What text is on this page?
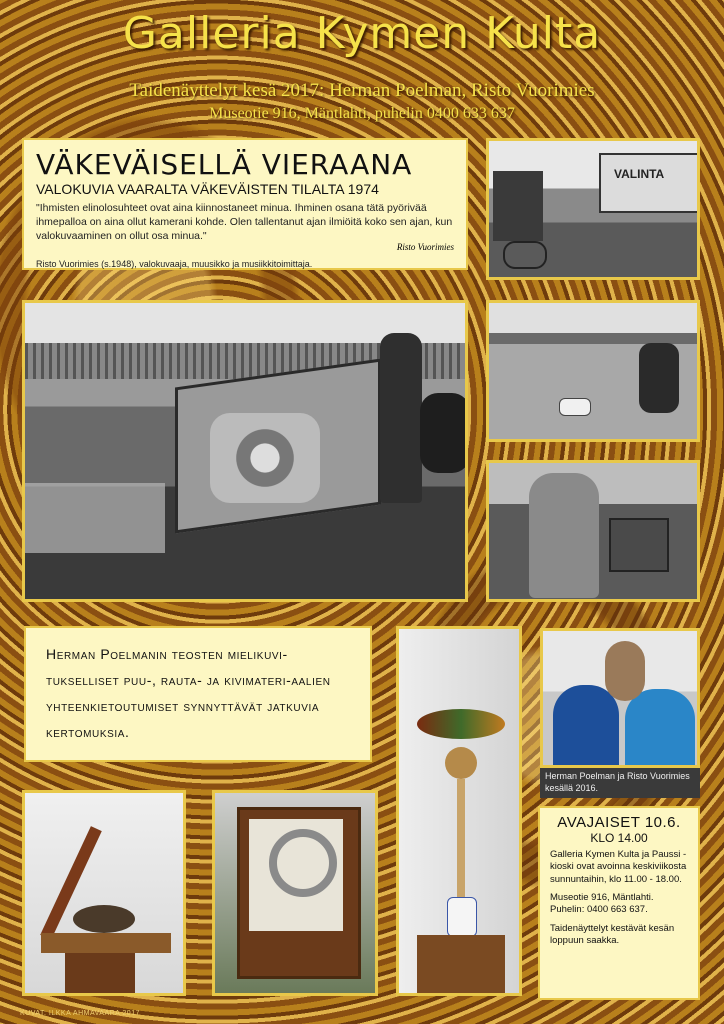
Galleria Kymen Kulta
Taidenäyttelyt kesä 2017: Herman Poelman, Risto Vuorimies
Museotie 916, Mäntlahti, puhelin 0400 633 637
VÄKEVÄISELLÄ VIERAANA
VALOKUVIA VAARALTA VÄKEVÄISTEN TILALTA 1974

"Ihmisten elinolosuhteet ovat aina kiinnostaneet minua. Ihminen osana tätä pyörivää ihmepalloa on aina ollut kamerani kohde. Olen tallentanut ajan ilmiöitä koko sen ajan, kun valokuvaaminen on ollut osa minua."

Risto Vuorimies

Risto Vuorimies (s.1948), valokuvaaja, muusikko ja musiikkitoimittaja.

VALINTA

Herman Poelmanin teosten mielikuvi-tukselliset puu-, rauta- ja kivimateri-aalien yhteenkietoutumiset synnyttävät jatkuvia kertomuksia.

Herman Poelman ja Risto Vuorimies kesällä 2016.
AVAJAISET 10.6.
KLO 14.00

Galleria Kymen Kulta ja Paussi -kioski ovat avoinna keskiviikosta sunnuntaihin, klo 11.00 - 18.00.

Museotie 916, Mäntlahti. Puhelin: 0400 663 637.

Taidenäyttelyt kestävät kesän loppuun saakka.

KUVAT: ILKKA AHMAVAARA 2017
